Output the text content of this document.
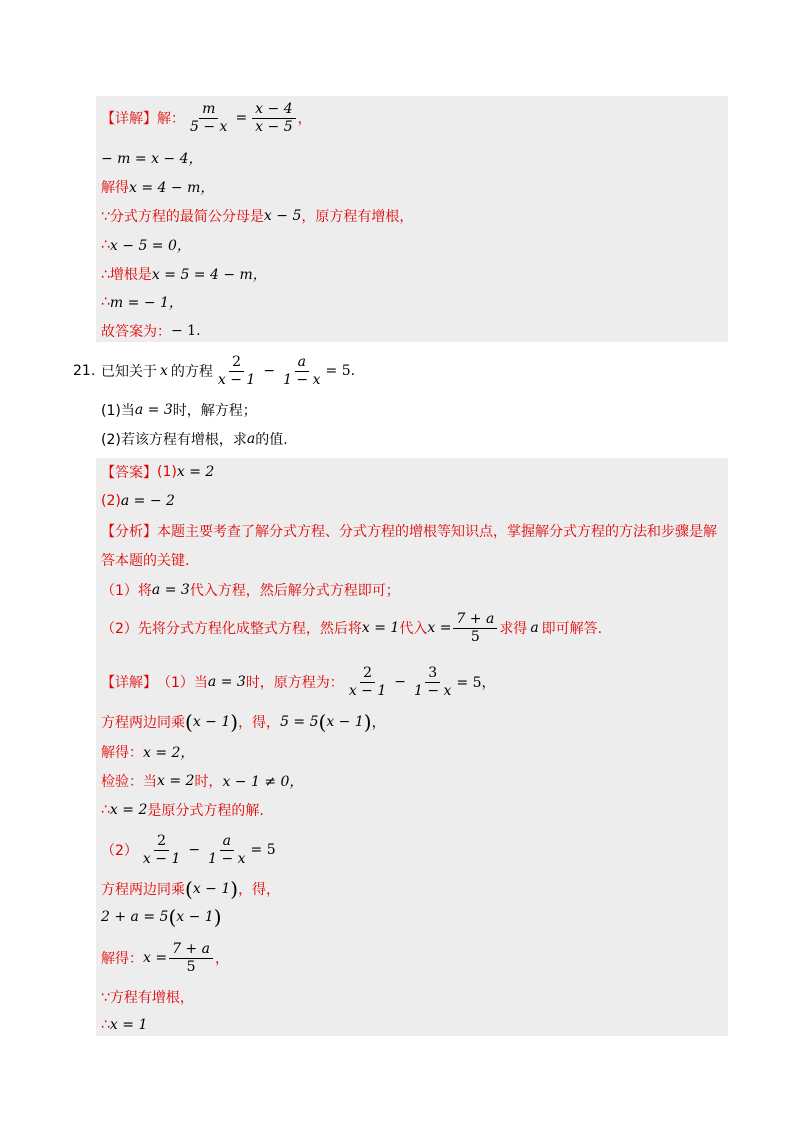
【详解】 解： $\frac{m}{5 - x} = \frac{x - 4}{x - 5}$ ，
− m = x − 4，
解得 x = 4 − m，
∵分式方程的最简公分母是 x − 5 ，原方程有增根，
∴ x − 5 = 0，
∴增根是 x = 5 = 4 − m，
∴ m = − 1，
故答案为： − 1.
21. 已知关于 x 的方程 $\frac{2}{x - 1} - \frac{a}{1 - x} = 5$.
(1)当 a = 3 时，解方程；
(2)若该方程有增根，求 a 的值.
【答案】 (1) x = 2
(2) a = − 2
【分析】 本题主要考查了解分式方程、分式方程的增根等知识点，掌握解分式方程的方法和步骤是解
答本题的关键.
（1）将 a = 3 代入方程，然后解分式方程即可；
（2）先将分式方程化成整式方程，然后将 x = 1 代入 $x = \frac{7 + a}{5}$ 求得 a 即可解答.
【详解】 （1）当 a = 3 时，原方程为： $\frac{2}{x - 1} - \frac{3}{1 - x} = 5$，
方程两边同乘 ( x − 1 ) ，得， 5 = 5 ( x − 1 ) ，
解得： x = 2，
检验：当 x = 2 时， x − 1 ≠ 0，
∴ x = 2 是原分式方程的解.
$(2) \frac{2}{x - 1} - \frac{a}{1 - x} = 5$
方程两边同乘 ( x − 1 ) ，得，
2 + a = 5 ( x − 1 )
解得： $x = \frac{7 + a}{5}$ ，
∵方程有增根，
∴ x = 1
